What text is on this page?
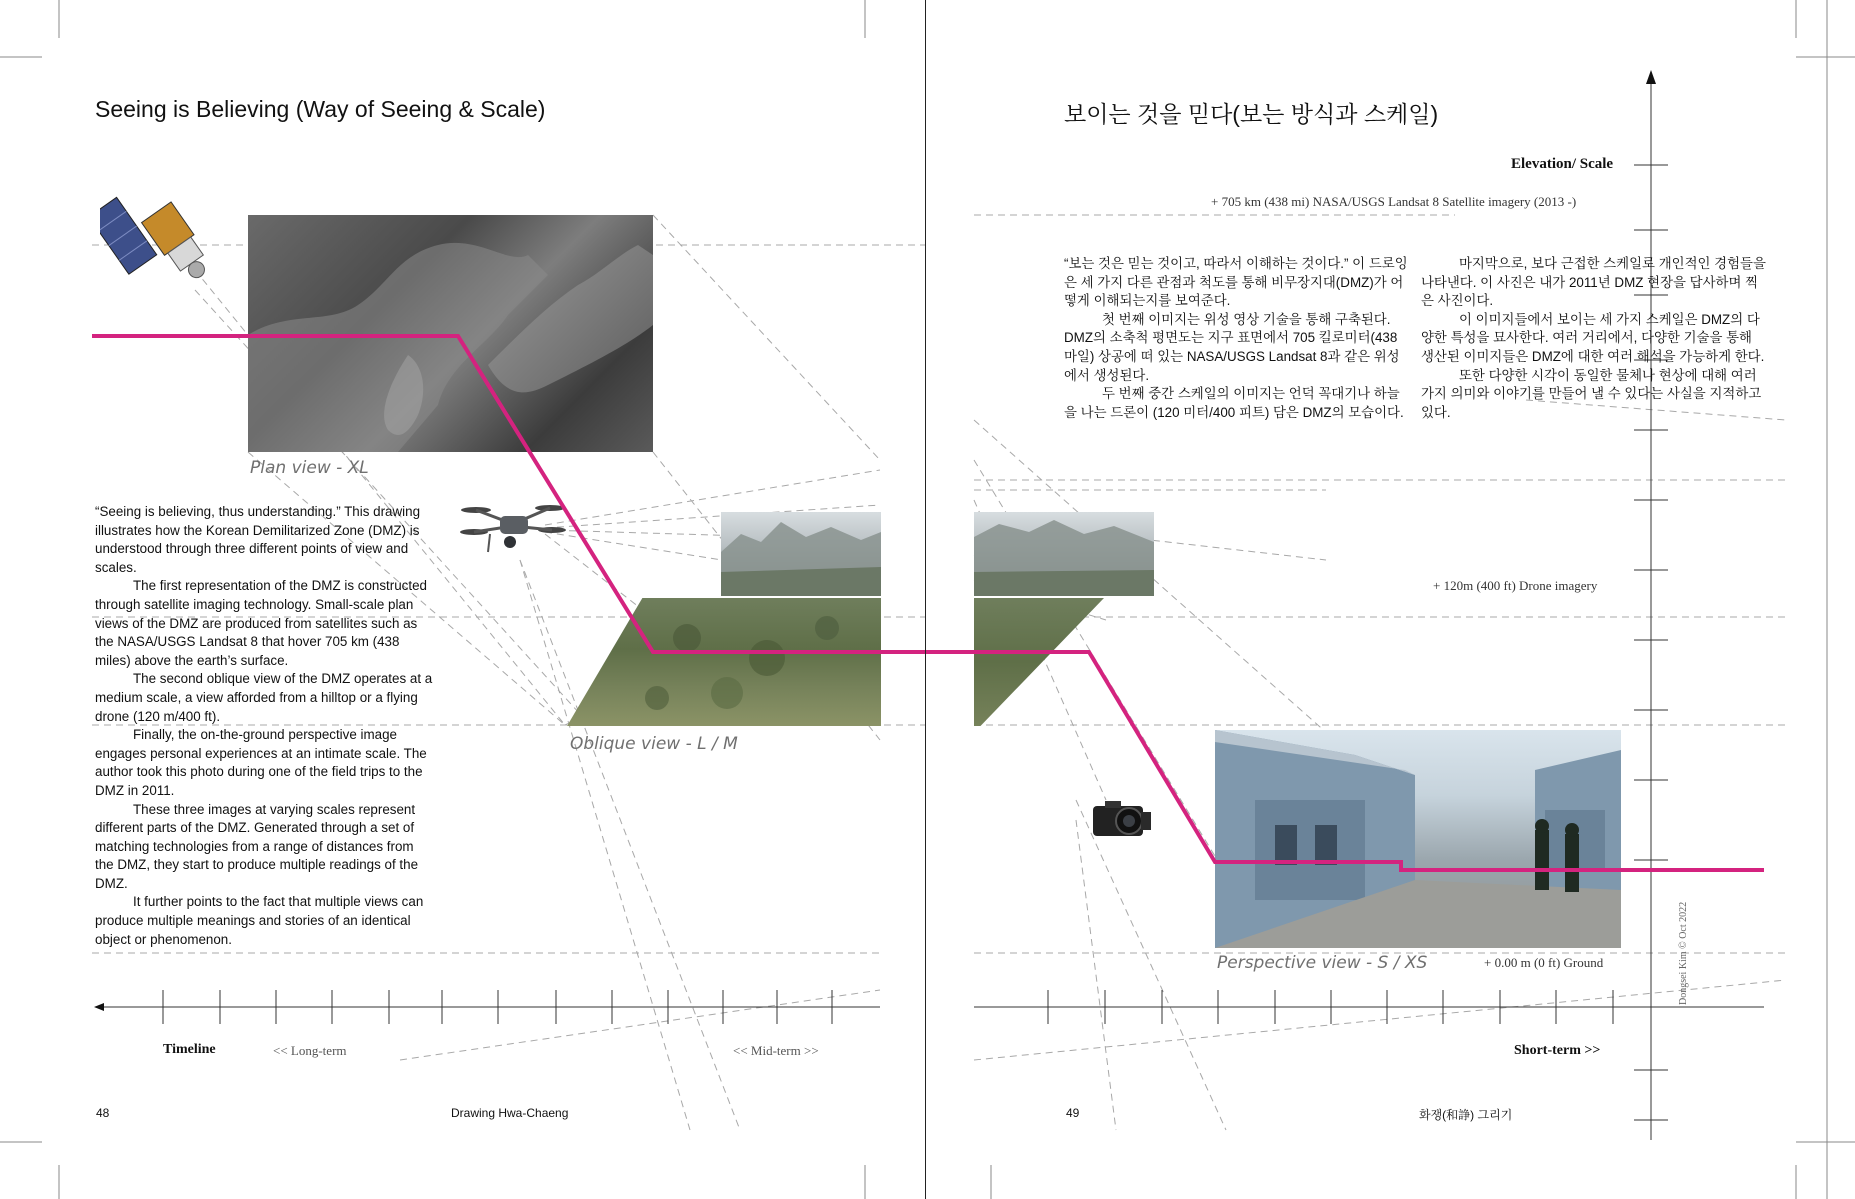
Seeing is Believing (Way of Seeing & Scale)
Plan view - XL
Oblique view - L / M

“Seeing is believing, thus understanding.” This drawing illustrates how the Korean Demilitarized Zone (DMZ) is understood through three different points of view and scales.

The first representation of the DMZ is constructed through satellite imaging technology. Small-scale plan views of the DMZ are produced from satellites such as the NASA/USGS Landsat 8 that hover 705 km (438 miles) above the earth’s surface.

The second oblique view of the DMZ operates at a medium scale, a view afforded from a hilltop or a flying drone (120 m/400 ft).

Finally, the on-the-ground perspective image engages personal experiences at an intimate scale. The author took this photo during one of the field trips to the DMZ in 2011.

These three images at varying scales represent different parts of the DMZ. Generated through a set of matching technologies from a range of distances from the DMZ, they start to produce multiple readings of the DMZ.

It further points to the fact that multiple views can produce multiple meanings and stories of an identical object or phenomenon.

Timeline	<< Long-term	<< Mid-term >>
48	Drawing Hwa-Chaeng
보이는 것을 믿다(보는 방식과 스케일)
Elevation/ Scale
+ 705 km (438 mi) NASA/USGS Landsat 8 Satellite imagery (2013 -)

“보는 것은 믿는 것이고, 따라서 이해하는 것이다.” 이 드로잉은 세 가지 다른 관점과 척도를 통해 비무장지대(DMZ)가 어떻게 이해되는지를 보여준다.

첫 번째 이미지는 위성 영상 기술을 통해 구축된다. DMZ의 소축척 평면도는 지구 표면에서 705 킬로미터(438 마일) 상공에 떠 있는 NASA/USGS Landsat 8과 같은 위성에서 생성된다.

두 번째 중간 스케일의 이미지는 언덕 꼭대기나 하늘을 나는 드론이 (120 미터/400 피트) 담은 DMZ의 모습이다.

마지막으로, 보다 근접한 스케일로 개인적인 경험들을 나타낸다. 이 사진은 내가 2011년 DMZ 현장을 답사하며 찍은 사진이다.

이 이미지들에서 보이는 세 가지 스케일은 DMZ의 다양한 특성을 묘사한다. 여러 거리에서, 다양한 기술을 통해 생산된 이미지들은 DMZ에 대한 여러 해석을 가능하게 한다.

또한 다양한 시각이 동일한 물체나 현상에 대해 여러 가지 의미와 이야기를 만들어 낼 수 있다는 사실을 지적하고 있다.

+ 120m (400 ft) Drone imagery
Perspective view - S / XS	+ 0.00 m (0 ft) Ground	Dongsei Kim © Oct 2022
Short-term >>
49	화쟁(和諍) 그리기
